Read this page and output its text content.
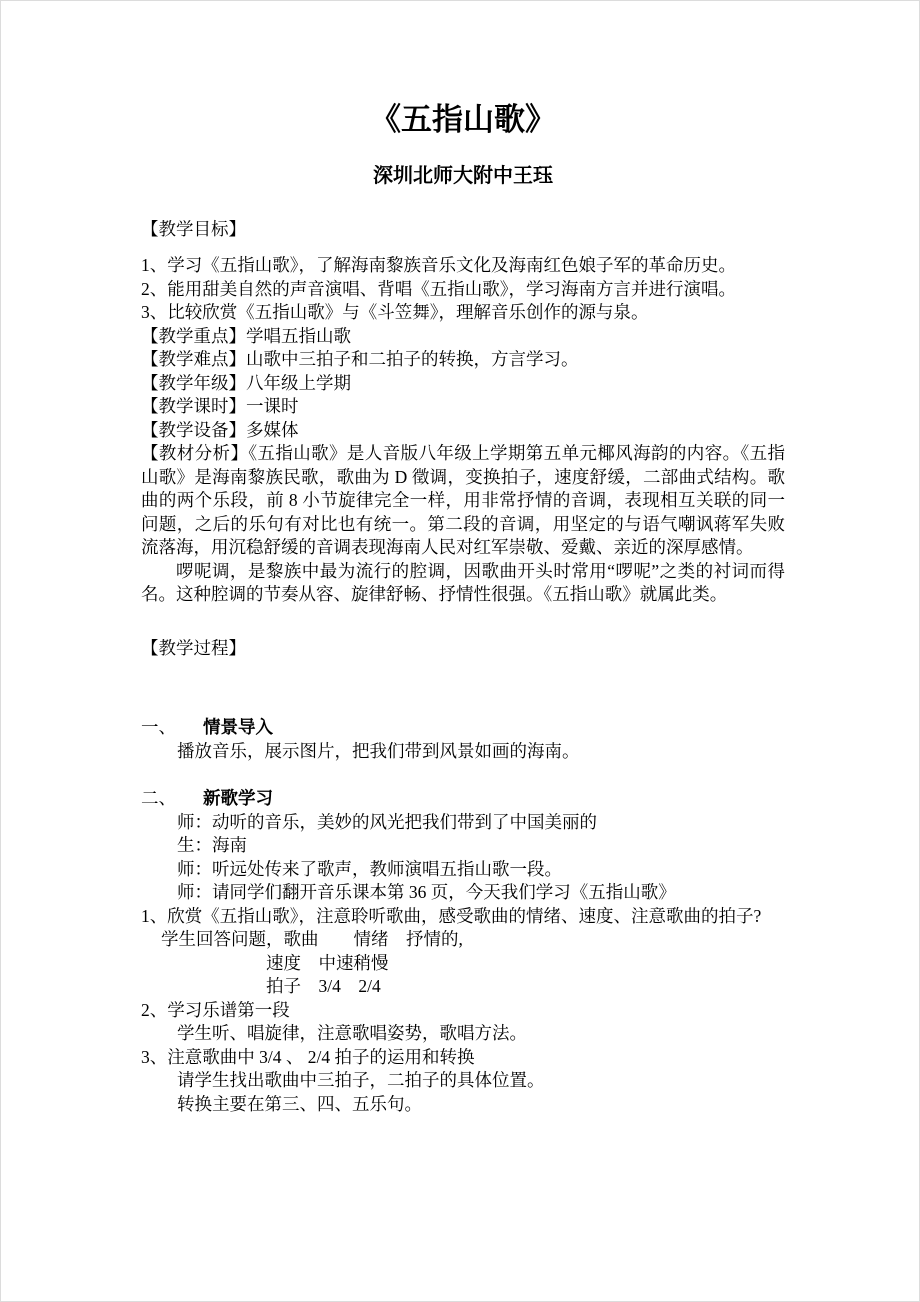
《五指山歌》
深圳北师大附中王珏

【教学目标】

1、学习《五指山歌》，了解海南黎族音乐文化及海南红色娘子军的革命历史。

2、能用甜美自然的声音演唱、背唱《五指山歌》，学习海南方言并进行演唱。

3、比较欣赏《五指山歌》与《斗笠舞》，理解音乐创作的源与泉。

【教学重点】学唱五指山歌

【教学难点】山歌中三拍子和二拍子的转换，方言学习。

【教学年级】八年级上学期

【教学课时】一课时

【教学设备】多媒体

【教材分析】《五指山歌》是人音版八年级上学期第五单元椰风海韵的内容。《五指山歌》是海南黎族民歌，歌曲为 D 徵调，变换拍子，速度舒缓，二部曲式结构。歌曲的两个乐段，前 8 小节旋律完全一样，用非常抒情的音调，表现相互关联的同一问题，之后的乐句有对比也有统一。第二段的音调，用坚定的与语气嘲讽蒋军失败流落海，用沉稳舒缓的音调表现海南人民对红军崇敬、爱戴、亲近的深厚感情。

啰呢调，是黎族中最为流行的腔调，因歌曲开头时常用“啰呢”之类的衬词而得名。这种腔调的节奏从容、旋律舒畅、抒情性很强。《五指山歌》就属此类。

【教学过程】

一、 情景导入

播放音乐，展示图片，把我们带到风景如画的海南。

二、 新歌学习

师：动听的音乐，美妙的风光把我们带到了中国美丽的

生：海南

师：听远处传来了歌声，教师演唱五指山歌一段。

师：请同学们翻开音乐课本第 36 页，今天我们学习《五指山歌》

1、欣赏《五指山歌》，注意聆听歌曲，感受歌曲的情绪、速度、注意歌曲的拍子?

学生回答问题，歌曲　　情绪　抒情的,

速度　中速稍慢

拍子　3/4　2/4

2、学习乐谱第一段

学生听、唱旋律，注意歌唱姿势，歌唱方法。

3、注意歌曲中 3/4 、 2/4 拍子的运用和转换

请学生找出歌曲中三拍子，二拍子的具体位置。

转换主要在第三、四、五乐句。
